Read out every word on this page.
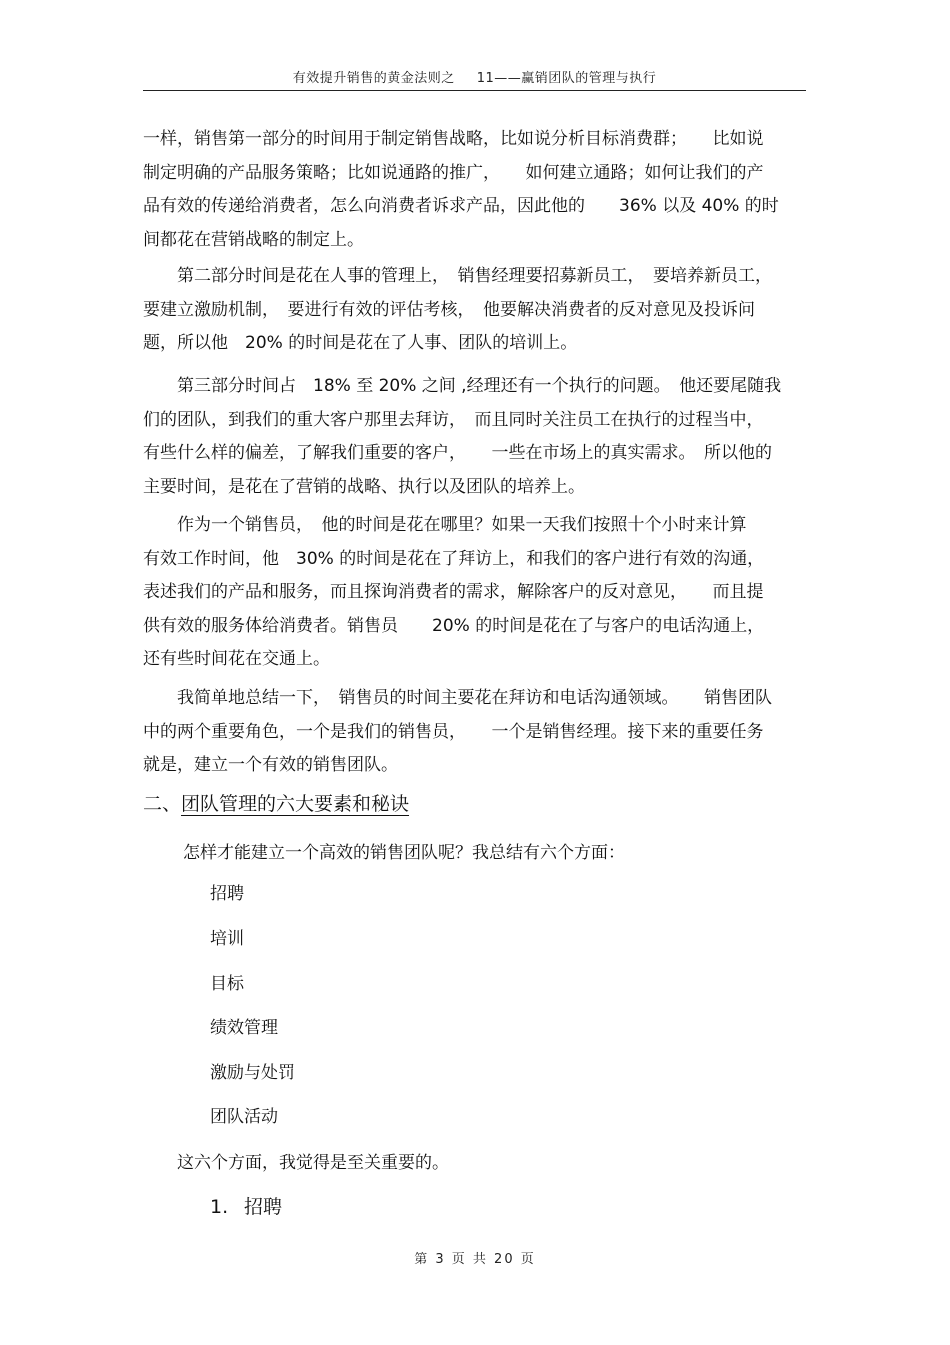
有效提升销售的黄金法则之 11——赢销团队的管理与执行
一样，销售第一部分的时间用于制定销售战略，比如说分析目标消费群；　　比如说
制定明确的产品服务策略；比如说通路的推广，　　如何建立通路；如何让我们的产
品有效的传递给消费者，怎么向消费者诉求产品，因此他的　　36% 以及 40% 的时
间都花在营销战略的制定上。
　　第二部分时间是花在人事的管理上，　销售经理要招募新员工，　要培养新员工，
要建立激励机制，　要进行有效的评估考核，　他要解决消费者的反对意见及投诉问
题，所以他　20% 的时间是花在了人事、团队的培训上。
　　第三部分时间占　18% 至 20% 之间 ,经理还有一个执行的问题。　他还要尾随我
们的团队，到我们的重大客户那里去拜访，　而且同时关注员工在执行的过程当中，
有些什么样的偏差，了解我们重要的客户，　　一些在市场上的真实需求。　所以他的
主要时间，是花在了营销的战略、执行以及团队的培养上。
　　作为一个销售员，　他的时间是花在哪里？如果一天我们按照十个小时来计算
有效工作时间，他　30% 的时间是花在了拜访上，和我们的客户进行有效的沟通，
表述我们的产品和服务，而且探询消费者的需求，解除客户的反对意见，　　而且提
供有效的服务体给消费者。销售员　　20% 的时间是花在了与客户的电话沟通上，
还有些时间花在交通上。
　　我简单地总结一下，　销售员的时间主要花在拜访和电话沟通领域。　　销售团队
中的两个重要角色，一个是我们的销售员，　　一个是销售经理。接下来的重要任务
就是，建立一个有效的销售团队。
二、团队管理的六大要素和秘诀
怎样才能建立一个高效的销售团队呢？我总结有六个方面：
招聘
培训
目标
绩效管理
激励与处罚
团队活动
这六个方面，我觉得是至关重要的。
1. 招聘
第 3 页 共 20 页
